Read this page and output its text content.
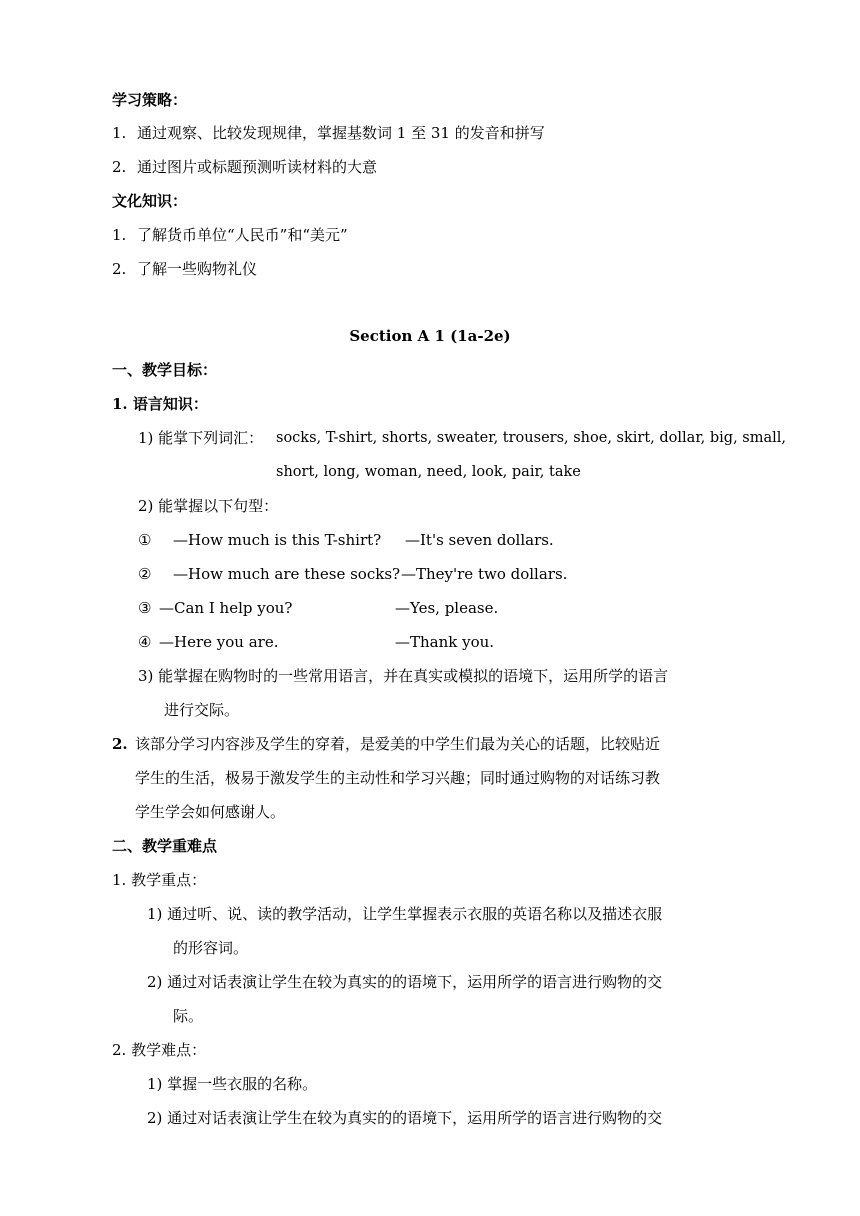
学习策略：
1. 通过观察、比较发现规律，掌握基数词 1 至 31 的发音和拼写
2. 通过图片或标题预测听读材料的大意
文化知识：
1. 了解货币单位“人民币”和“美元”
2. 了解一些购物礼仪
Section A 1 (1a-2e)
一、教学目标：
1. 语言知识：
1) 能掌下列词汇： socks, T-shirt, shorts, sweater, trousers, shoe, skirt, dollar, big, small,
short, long, woman, need, look, pair, take
2) 能掌握以下句型：
① —How much is this T-shirt? —It's seven dollars.
② —How much are these socks? —They're two dollars.
③ —Can I help you?	—Yes, please.
④ —Here you are.	—Thank you.
3) 能掌握在购物时的一些常用语言，并在真实或模拟的语境下，运用所学的语言
进行交际。
2. 该部分学习内容涉及学生的穿着，是爱美的中学生们最为关心的话题，比较贴近
学生的生活，极易于激发学生的主动性和学习兴趣；同时通过购物的对话练习教
学生学会如何感谢人。
二、教学重难点
1. 教学重点：
1) 通过听、说、读的教学活动，让学生掌握表示衣服的英语名称以及描述衣服
的形容词。
2) 通过对话表演让学生在较为真实的的语境下，运用所学的语言进行购物的交
际。
2. 教学难点：
1) 掌握一些衣服的名称。
2) 通过对话表演让学生在较为真实的的语境下，运用所学的语言进行购物的交
